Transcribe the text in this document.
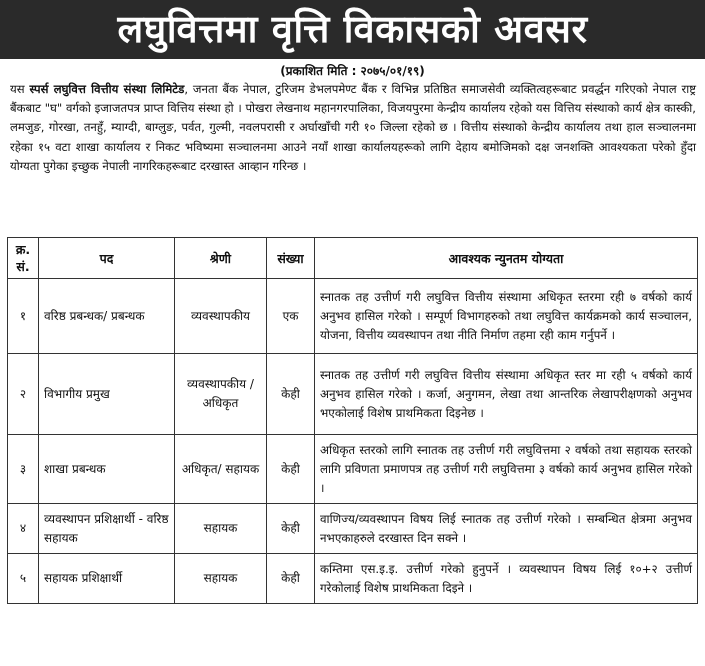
लघुवित्तमा वृत्ति विकासको अवसर
(प्रकाशित मिति : २०७५/०१/१९)
यस स्पर्स लघुवित्त वित्तीय संस्था लिमिटेड, जनता बैंक नेपाल, टुरिजम डेभलपमेण्ट बैंक र विभिन्न प्रतिष्ठित समाजसेवी व्यक्तित्वहरूबाट प्रवर्द्धन गरिएको नेपाल राष्ट्र बैंकबाट "घ" वर्गको इजाजतपत्र प्राप्त वित्तिय संस्था हो । पोखरा लेखनाथ महानगरपालिका, विजयपुरमा केन्द्रीय कार्यालय रहेको यस वित्तिय संस्थाको कार्य क्षेत्र कास्की, लमजुङ, गोरखा, तनहुँ, म्याग्दी, बाग्लुङ, पर्वत, गुल्मी, नवलपरासी र अर्घाखाँची गरी १० जिल्ला रहेको छ । वित्तीय संस्थाको केन्द्रीय कार्यालय तथा हाल सञ्चालनमा रहेका १५ वटा शाखा कार्यालय र निकट भविष्यमा सञ्चालनमा आउने नयाँ शाखा कार्यालयहरूको लागि देहाय बमोजिमको दक्ष जनशक्ति आवश्यकता परेको हुँदा योग्यता पुगेका इच्छुक नेपाली नागरिकहरूबाट दरखास्त आव्हान गरिन्छ ।
क्र. सं.	पद	श्रेणी	संख्या	आवश्यक न्युनतम योग्यता
१	वरिष्ठ प्रबन्धक/ प्रबन्धक	व्यवस्थापकीय	एक	स्नातक तह उत्तीर्ण गरी लघुवित्त वित्तीय संस्थामा अधिकृत स्तरमा रही ७ वर्षको कार्य अनुभव हासिल गरेको । सम्पूर्ण विभागहरुको तथा लघुवित्त कार्यक्रमको कार्य सञ्चालन, योजना, वित्तीय व्यवस्थापन तथा नीति निर्माण तहमा रही काम गर्नुपर्ने ।
२	विभागीय प्रमुख	व्यवस्थापकीय /अधिकृत	केही	स्नातक तह उत्तीर्ण गरी लघुवित्त वित्तीय संस्थामा अधिकृत स्तर मा रही ५ वर्षको कार्य अनुभव हासिल गरेको । कर्जा, अनुगमन, लेखा तथा आन्तरिक लेखापरीक्षणको अनुभव भएकोलाई विशेष प्राथमिकता दिइनेछ ।
३	शाखा प्रबन्धक	अधिकृत/ सहायक	केही	अधिकृत स्तरको लागि स्नातक तह उत्तीर्ण गरी लघुवित्तमा २ वर्षको तथा सहायक स्तरको लागि प्रविणता प्रमाणपत्र तह उत्तीर्ण गरी लघुवित्तमा ३ वर्षको कार्य अनुभव हासिल गरेको ।
४	व्यवस्थापन प्रशिक्षार्थी - वरिष्ठ सहायक	सहायक	केही	वाणिज्य/व्यवस्थापन विषय लिई स्नातक तह उत्तीर्ण गरेको । सम्बन्धित क्षेत्रमा अनुभव नभएकाहरुले दरखास्त दिन सक्ने ।
५	सहायक प्रशिक्षार्थी	सहायक	केही	कम्तिमा एस.इ.इ. उत्तीर्ण गरेको हुनुपर्ने । व्यवस्थापन विषय लिई १०+२ उत्तीर्ण गरेकोलाई विशेष प्राथमिकता दिइने ।
